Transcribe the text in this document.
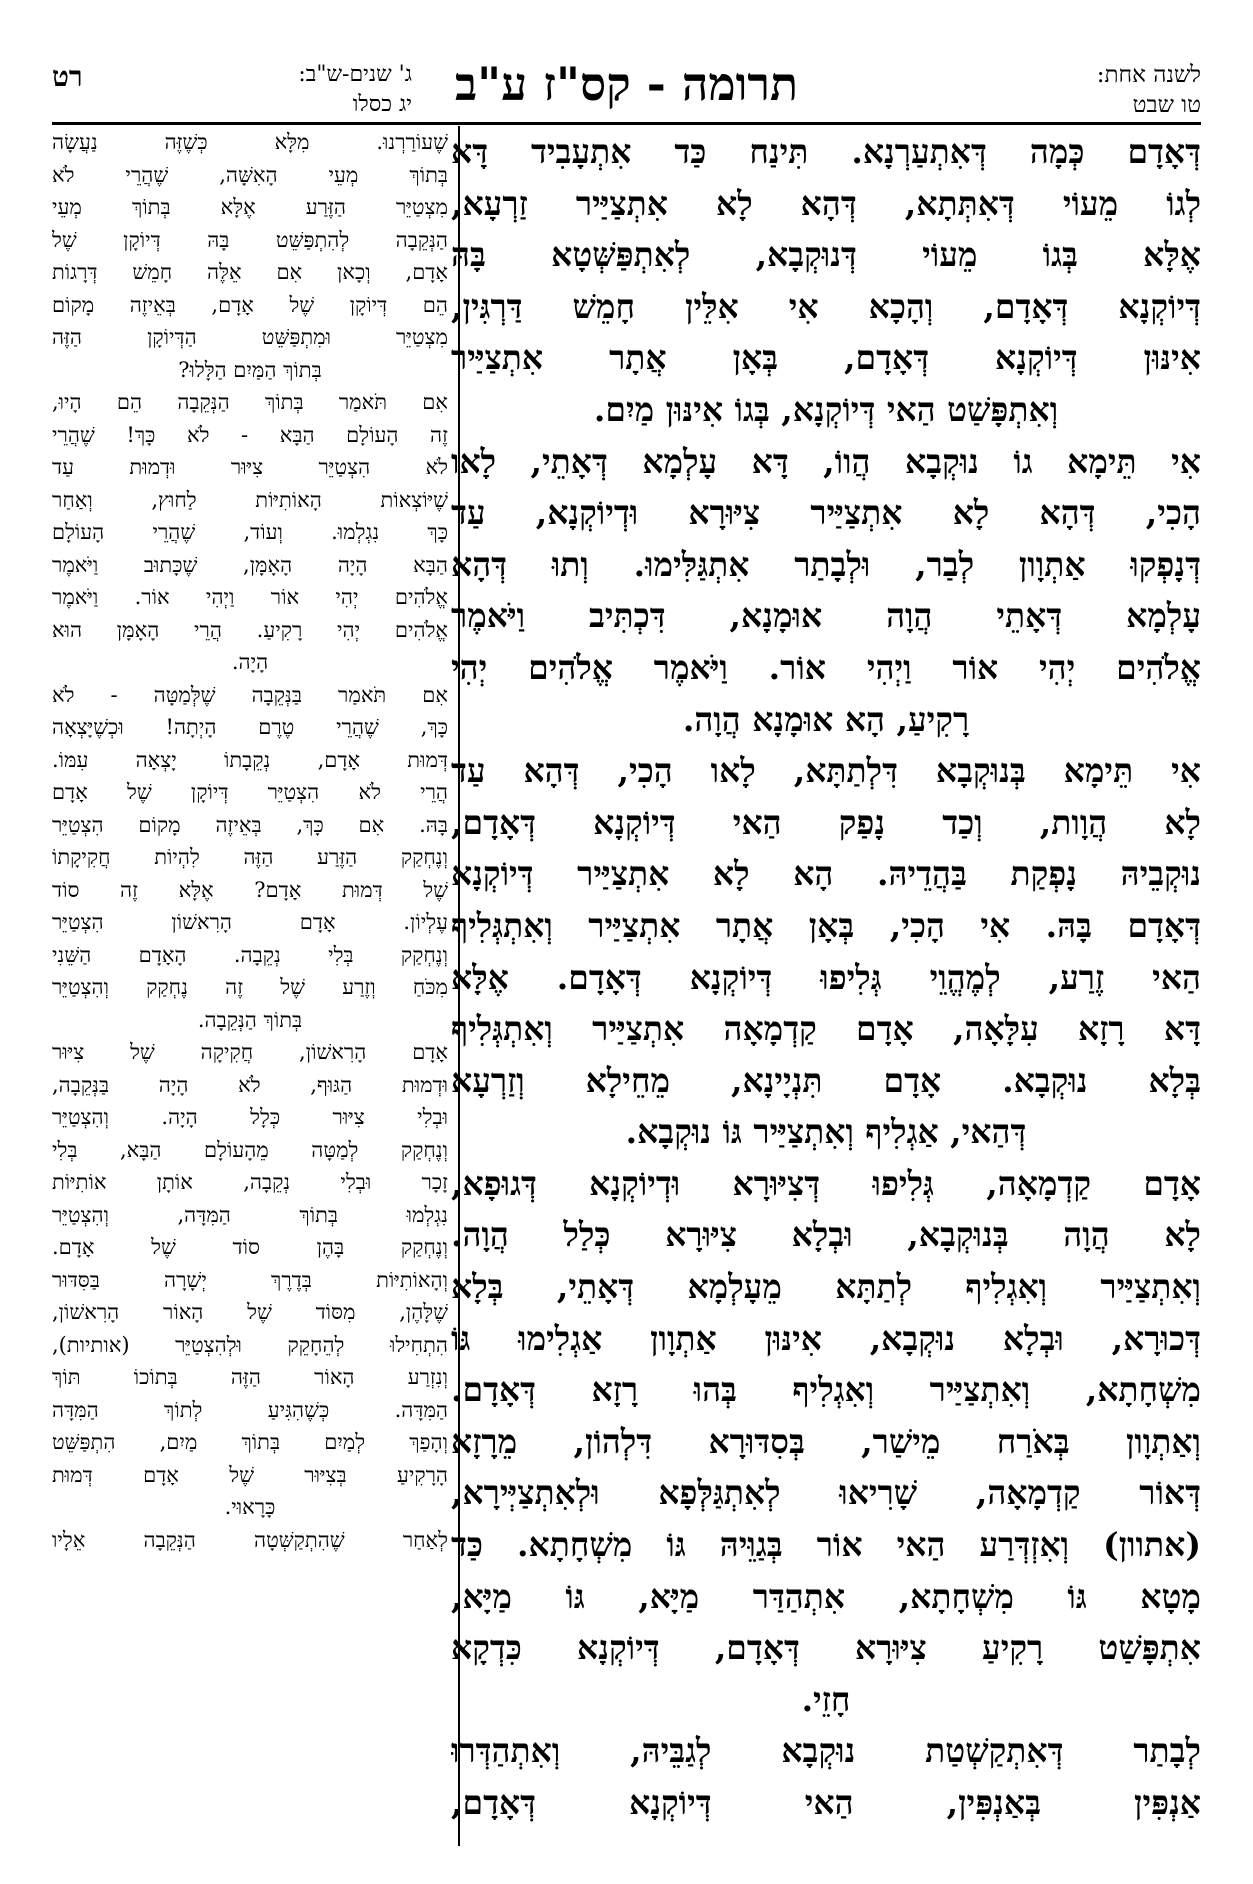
לשנה אחת:
טו שבט
תרומה - קס"ז ע"ב
ג' שנים-ש"ב:
יג כסלו
רט
דְּאָדָם כְּמָה דְּאִתְעַרְנָא. תִּינַח כַּד אִתְעָבִיד דָּא
לְגוֹ מֵעוֹי דְּאִתְּתָא, דְּהָא לָא אִתְצַיַּיר זַרְעָא,
אֶלָּא בְּגוֹ מֵעוֹי דְּנוּקְבָא, לְאִתְפַּשְּׁטָא בָּהּ
דְּיוֹקְנָא דְּאָדָם, וְהָכָא אִי אִלֵּין חָמֵשׁ דַּרְגִּין,
אִינּוּן דְּיוֹקְנָא דְּאָדָם, בְּאָן אֲתָר אִתְצַיַּיר
וְאִתְפָּשַׁט הַאי דְּיוֹקְנָא, בְּגוֹ אִינּוּן מַיִם.
אִי תֵּימָא גוֹ נוּקְבָא הֲווֹ, דָּא עָלְמָא דְּאָתֵי, לָאו
הָכִי, דְּהָא לָא אִתְצַיַּיר צִיּוּרָא וּדְיוֹקְנָא, עַד
דְּנָפְקוּ אַתְוָון לְבַר, וּלְבָתַר אִתְגַּלִּימוּ. וְתוּ דְּהָא
עָלְמָא דְּאָתֵי הֲוָה אוּמָנָא, דִּכְתִּיב וַיֹּאמֶר
אֱלֹהִים יְהִי אוֹר וַיְהִי אוֹר. וַיֹּאמֶר אֱלֹהִים יְהִי
רָקִיעַ, הָא אוּמָנָא הֲוָה.
אִי תֵּימָא בְּנוּקְבָא דִּלְתַתָּא, לָאו הָכִי, דְּהָא עַד
לָא הֲוָות, וְכַד נָפַק הַאי דְּיוֹקְנָא דְּאָדָם,
נוּקְבֵיהּ נָפְקַת בַּהֲדֵיהּ. הָא לָא אִתְצַיַּיר דְּיוֹקְנָא
דְּאָדָם בָּהּ. אִי הָכִי, בְּאָן אֲתָר אִתְצַיַּיר וְאִתְגְּלִיף
הַאי זֶרַע, לְמֶהֱוֵי גְּלִיפוּ דְּיוֹקְנָא דְּאָדָם. אֶלָּא
דָּא רָזָא עִלָּאָה, אָדָם קַדְמָאָה אִתְצַיַּיר וְאִתְגְּלִיף
בְּלָא נוּקְבָא. אָדָם תִּנְיָינָא, מֵחֵילָא וְזַרְעָא
דְּהַאי, אַגְלִיף וְאִתְצַיַּיר גּוֹ נוּקְבָא.
אָדָם קַדְמָאָה, גְּלִיפוּ דְּצִיּוּרָא וּדְיוֹקְנָא דְּגוּפָא,
לָא הֲוָה בְּנוּקְבָא, וּבְלָא צִיּוּרָא כְּלַל הֲוָה.
וְאִתְצַיַּיר וְאִגְלִיף לְתַתָּא מֵעָלְמָא דְּאָתֵי, בְּלָא
דְּכוּרָא, וּבְלָא נוּקְבָא, אִינּוּן אַתְוָון אַגְלִימוּ גּוֹ
מִשְׁחָתָא, וְאִתְצַיַּיר וְאִגְלִיף בְּהוּ רָזָא דְּאָדָם.
וְאַתְוָון בְּאֹרַח מֵישַׁר, בְּסִדּוּרָא דִּלְהוֹן, מֵרָזָא
דְּאוֹר קַדְמָאָה, שָׁרִיאוּ לְאִתְגַּלְּפָא וּלְאִתְצַיְּירָא,
(אתוון) וְאִזְדְּרַע הַאי אוֹר בְּגַוֵּיהּ גּוֹ מִשְׁחָתָא. כַּד
מָטָא גּוֹ מִשְׁחָתָא, אִתְהַדַּר מַיָּא, גּוֹ מַיָּא,
אִתְפָּשַׁט רָקִיעַ צִיּוּרָא דְּאָדָם, דְּיוֹקְנָא כִּדְקָא
חָזֵי.
לְבָתַר דְּאִתְקַשְׁטַת נוּקְבָא לְגַבֵּיהּ, וְאִתְהַדְּרוּ
אַנְפִּין בְּאַנְפִּין, הַאי דְּיוֹקְנָא דְּאָדָם,
שֶׁעוֹרַרְנוּ. מִלָּא כְּשֶׁזֶּה נַעֲשָׂה
בְּתוֹךְ מְעֵי הָאִשָּׁה, שֶׁהֲרֵי לֹא
מִצְטַיֵּר הַזֶּרַע אֶלָּא בְּתוֹךְ מְעֵי
הַנְּקֵבָה לְהִתְפַּשֵּׁט בָּהּ דְּיוֹקָן שֶׁל
אָדָם, וְכָאן אִם אֵלֶּה חָמֵשׁ דְּרָגוֹת
הֵם דְּיוֹקָן שֶׁל אָדָם, בְּאֵיזֶה מָקוֹם
מִצְטַיֵּר וּמִתְפַּשֵּׁט הַדְּיוֹקָן הַזֶּה
בְּתוֹךְ הַמַּיִם הַלָּלוּ?
אִם תֹּאמַר בְּתוֹךְ הַנְּקֵבָה הֵם הָיוּ,
זֶה הָעוֹלָם הַבָּא - לֹא כָּךְ! שֶׁהֲרֵי
לֹא הִצְטַיֵּר צִיּוּר וּדְמוּת עַד
שֶׁיּוֹצְאוֹת הָאוֹתִיּוֹת לַחוּץ, וְאַחַר
כָּךְ נִגְלְמוּ. וְעוֹד, שֶׁהֲרֵי הָעוֹלָם
הַבָּא הָיָה הָאָמָּן, שֶׁכָּתוּב וַיֹּאמֶר
אֱלֹהִים יְהִי אוֹר וַיְהִי אוֹר. וַיֹּאמֶר
אֱלֹהִים יְהִי רָקִיעַ. הֲרֵי הָאָמָּן הוּא
הָיָה.
אִם תֹּאמַר בַּנְּקֵבָה שֶׁלְּמַטָּה - לֹא
כָּךְ, שֶׁהֲרֵי טֶרֶם הָיְתָה! וּכְשֶׁיָּצְאָה
דְּמוּת אָדָם, נְקֵבָתוֹ יָצְאָה עִמּוֹ.
הֲרֵי לֹא הִצְטַיֵּר דְּיוֹקָן שֶׁל אָדָם
בָּהּ. אִם כָּךְ, בְּאֵיזֶה מָקוֹם הִצְטַיֵּר
וְנֶחְקַק הַזֶּרַע הַזֶּה לִהְיוֹת חֲקִיקָתוֹ
שֶׁל דְּמוּת אָדָם? אֶלָּא זֶה סוֹד
עֶלְיוֹן. אָדָם הָרִאשׁוֹן הִצְטַיֵּר
וְנֶחְקַק בְּלִי נְקֵבָה. הָאָדָם הַשֵּׁנִי
מִכֹּחַ וְזֶרַע שֶׁל זֶה נֶחְקַק וְהִצְטַיֵּר
בְּתוֹךְ הַנְּקֵבָה.
אָדָם הָרִאשׁוֹן, חֲקִיקָה שֶׁל צִיּוּר
וּדְמוּת הַגּוּף, לֹא הָיָה בַּנְּקֵבָה,
וּבְלִי צִיּוּר כְּלָל הָיָה. וְהִצְטַיֵּר
וְנֶחְקַק לְמַטָּה מֵהָעוֹלָם הַבָּא, בְּלִי
זָכָר וּבְלִי נְקֵבָה, אוֹתָן אוֹתִיּוֹת
נִגְלְמוּ בְּתוֹךְ הַמִּדָּה, וְהִצְטַיֵּר
וְנֶחְקַק בָּהֶן סוֹד שֶׁל אָדָם.
וְהָאוֹתִיּוֹת בְּדֶרֶךְ יְשָׁרָה בַּסִּדּוּר
שֶׁלָּהֶן, מִסּוֹד שֶׁל הָאוֹר הָרִאשׁוֹן,
הִתְחִילוּ לְהֵחָקֵק וּלְהִצְטַיֵּר (אותיות),
וְנִזְרַע הָאוֹר הַזֶּה בְּתוֹכוֹ תּוֹךְ
הַמִּדָּה. כְּשֶׁהִגִּיעַ לְתוֹךְ הַמִּדָּה
וְהָפַךְ לְמַיִם בְּתוֹךְ מַיִם, הִתְפַּשֵּׁט
הָרָקִיעַ בְּצִיּוּר שֶׁל אָדָם דְּמוּת
כָּרָאוּי.
לְאַחַר שֶׁהִתְקַשְּׁטָה הַנְּקֵבָה אֵלָיו
